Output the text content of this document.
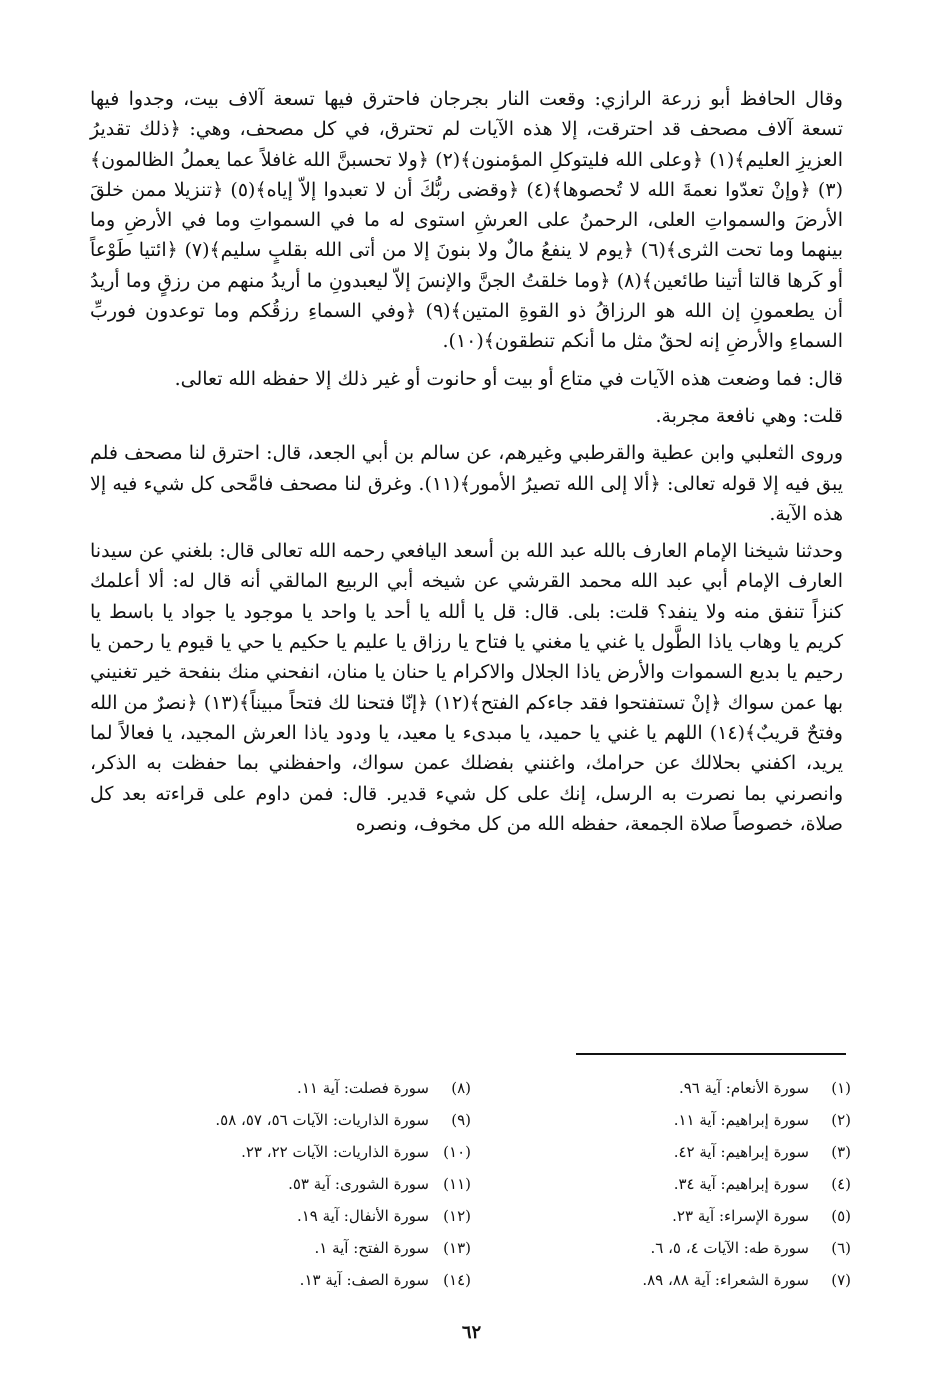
وقال الحافظ أبو زرعة الرازي: وقعت النار بجرجان فاحترق فيها تسعة آلاف بيت، وجدوا فيها تسعة آلاف مصحف قد احترقت، إلا هذه الآيات لم تحترق، في كل مصحف، وهي: ﴿ذلك تقديرُ العزيزِ العليم﴾(١) ﴿وعلى الله فليتوكلِ المؤمنون﴾(٢) ﴿ولا تحسبنَّ الله غافلاً عما يعملُ الظالمون﴾(٣) ﴿وإنْ تعدّوا نعمةَ الله لا تُحصوها﴾(٤) ﴿وقضى ربُّكَ أن لا تعبدوا إلاّ إياه﴾(٥) ﴿تنزيلا ممن خلقَ الأرضَ والسمواتِ العلى، الرحمنُ على العرشِ استوى له ما في السمواتِ وما في الأرضِ وما بينهما وما تحت الثرى﴾(٦) ﴿يوم لا ينفعُ مالٌ ولا بنونَ إلا من أتى الله بقلبٍ سليم﴾(٧) ﴿ائتيا طَوْعاً أو كَرها قالتا أتينا طائعين﴾(٨) ﴿وما خلقتُ الجنَّ والإنسَ إلاّ ليعبدونِ ما أريدُ منهم من رزقٍ وما أريدُ أن يطعمونِ إن الله هو الرزاقُ ذو القوةِ المتين﴾(٩) ﴿وفي السماءِ رزقُكم وما توعدون فوربِّ السماءِ والأرضِ إنه لحقٌ مثل ما أنكم تنطقون﴾(١٠).

قال: فما وضعت هذه الآيات في متاع أو بيت أو حانوت أو غير ذلك إلا حفظه الله تعالى.

قلت: وهي نافعة مجربة.

وروى الثعلبي وابن عطية والقرطبي وغيرهم، عن سالم بن أبي الجعد، قال: احترق لنا مصحف فلم يبق فيه إلا قوله تعالى: ﴿ألا إلى الله تصيرُ الأمور﴾(١١). وغرق لنا مصحف فامَّحى كل شيء فيه إلا هذه الآية.

وحدثنا شيخنا الإمام العارف بالله عبد الله بن أسعد اليافعي رحمه الله تعالى قال: بلغني عن سيدنا العارف الإمام أبي عبد الله محمد القرشي عن شيخه أبي الربيع المالقي أنه قال له: ألا أعلمك كنزاً تنفق منه ولا ينفد؟ قلت: بلى. قال: قل يا ألله يا أحد يا واحد يا موجود يا جواد يا باسط يا كريم يا وهاب ياذا الطَّول يا غني يا مغني يا فتاح يا رزاق يا عليم يا حكيم يا حي يا قيوم يا رحمن يا رحيم يا بديع السموات والأرض ياذا الجلال والاكرام يا حنان يا منان، انفحني منك بنفحة خير تغنيني بها عمن سواك ﴿إنْ تستفتحوا فقد جاءكم الفتح﴾(١٢) ﴿إنّا فتحنا لك فتحاً مبيناً﴾(١٣) ﴿نصرٌ من الله وفتحٌ قريبٌ﴾(١٤) اللهم يا غني يا حميد، يا مبدىء يا معيد، يا ودود ياذا العرش المجيد، يا فعالاً لما يريد، اكفني بحلالك عن حرامك، واغنني بفضلك عمن سواك، واحفظني بما حفظت به الذكر، وانصرني بما نصرت به الرسل، إنك على كل شيء قدير. قال: فمن داوم على قراءته بعد كل صلاة، خصوصاً صلاة الجمعة، حفظه الله من كل مخوف، ونصره

(١)سورة الأنعام: آية ٩٦.
(٢)سورة إبراهيم: آية ١١.
(٣)سورة إبراهيم: آية ٤٢.
(٤)سورة إبراهيم: آية ٣٤.
(٥)سورة الإسراء: آية ٢٣.
(٦)سورة طه: الآيات ٤، ٥، ٦.
(٧)سورة الشعراء: آية ٨٨، ٨٩.
(٨)سورة فصلت: آية ١١.
(٩)سورة الذاريات: الآيات ٥٦، ٥٧، ٥٨.
(١٠)سورة الذاريات: الآيات ٢٢، ٢٣.
(١١)سورة الشورى: آية ٥٣.
(١٢)سورة الأنفال: آية ١٩.
(١٣)سورة الفتح: آية ١.
(١٤)سورة الصف: آية ١٣.
٦٢
